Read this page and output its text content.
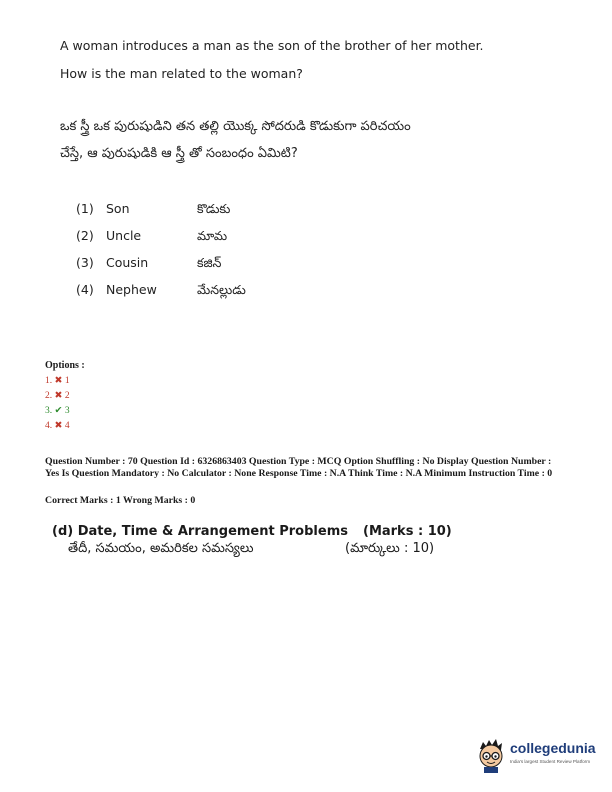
A woman introduces a man as the son of the brother of her mother.
How is the man related to the woman?
ఒక స్త్రీ ఒక పురుషుడిని తన తల్లి యొక్క సోదరుడి కొడుకుగా పరిచయం
చేస్తే, ఆ పురుషుడికి ఆ స్త్రీ తో సంబంధం ఏమిటి?
(1) Son	కొడుకు
(2) Uncle	మామ
(3) Cousin	కజిన్
(4) Nephew	మేనల్లుడు
Options :
1. ✖ 1
2. ✖ 2
3. ✔ 3
4. ✖ 4
Question Number : 70 Question Id : 6326863403 Question Type : MCQ Option Shuffling : No Display Question Number : Yes Is Question Mandatory : No Calculator : None Response Time : N.A Think Time : N.A Minimum Instruction Time : 0
Correct Marks : 1 Wrong Marks : 0
(d) Date, Time & Arrangement Problems (Marks : 10)
తేదీ, సమయం, అమరికల సమస్యలు	(మార్కులు : 10)
collegedunia
India's largest Student Review Platform
